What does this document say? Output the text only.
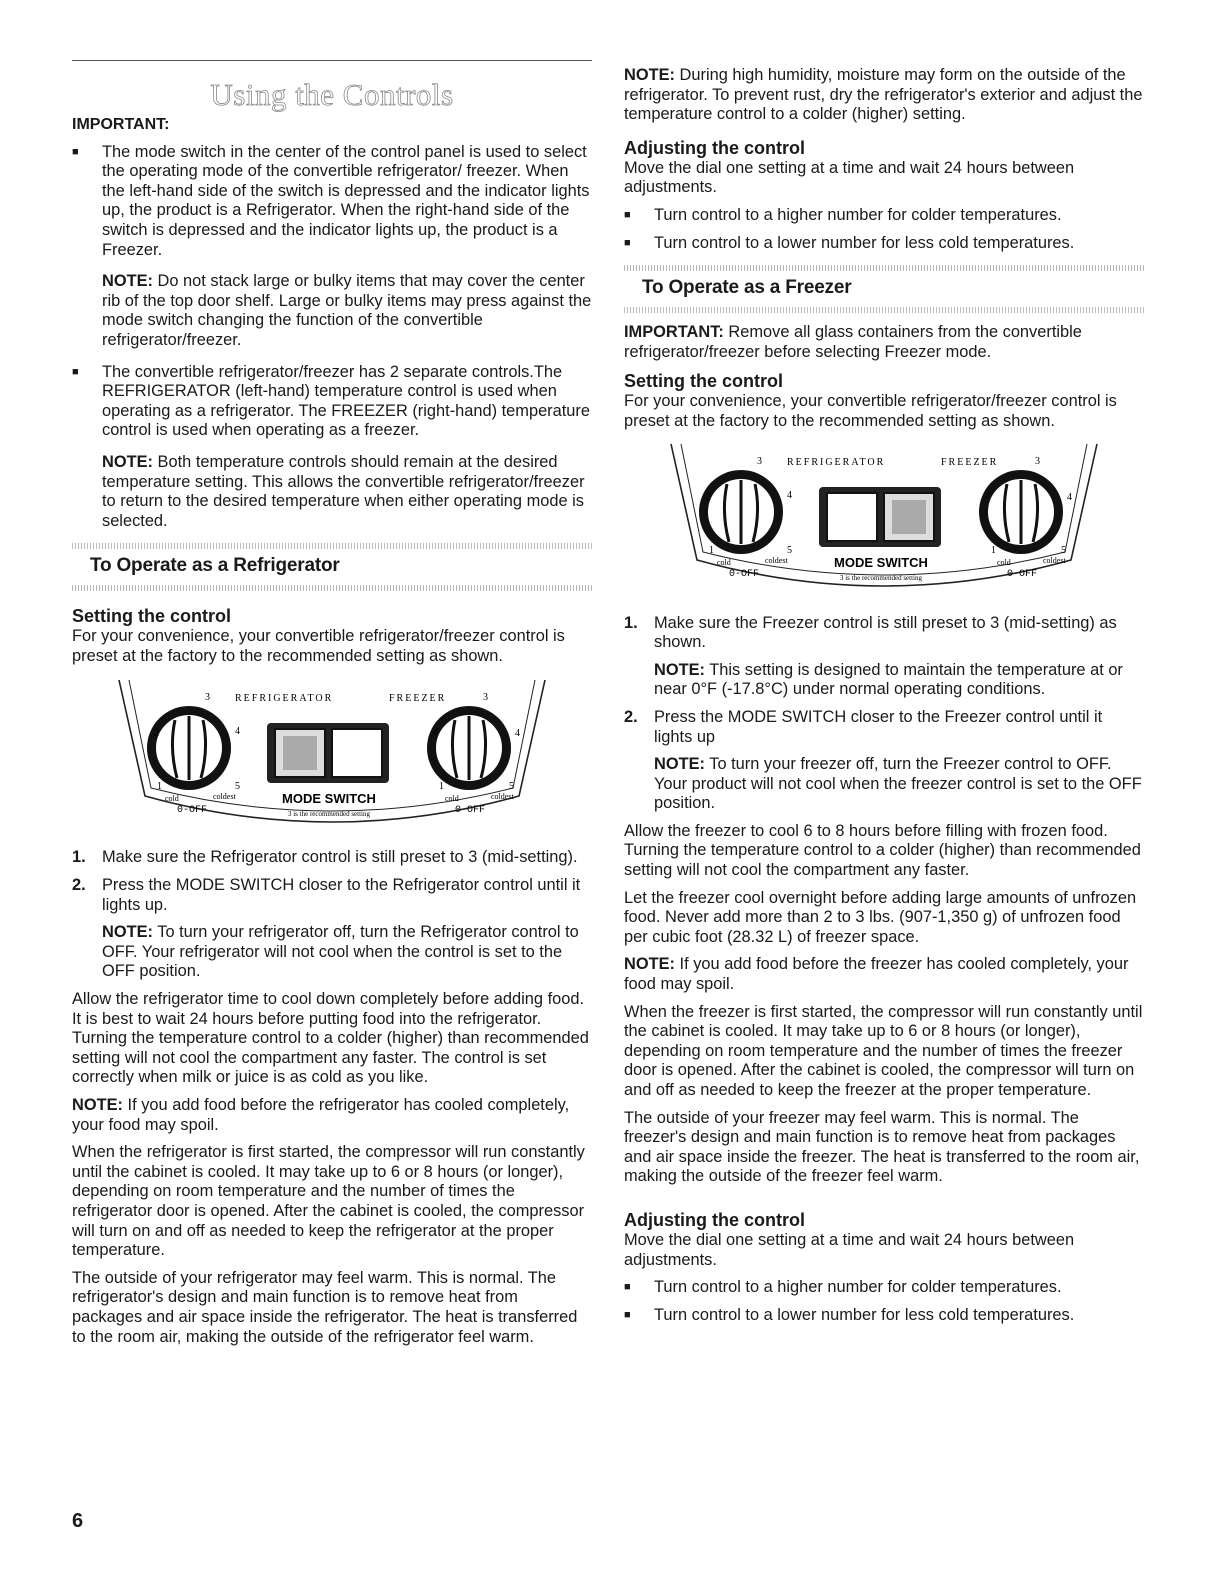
Using the Controls
IMPORTANT:

■ The mode switch in the center of the control panel is used to select the operating mode of the convertible refrigerator/ freezer. When the left-hand side of the switch is depressed and the indicator lights up, the product is a Refrigerator. When the right-hand side of the switch is depressed and the indicator lights up, the product is a Freezer.

NOTE: Do not stack large or bulky items that may cover the center rib of the top door shelf. Large or bulky items may press against the mode switch changing the function of the convertible refrigerator/freezer.

■ The convertible refrigerator/freezer has 2 separate controls.The REFRIGERATOR (left-hand) temperature control is used when operating as a refrigerator. The FREEZER (right-hand) temperature control is used when operating as a freezer.

NOTE: Both temperature controls should remain at the desired temperature setting. This allows the convertible refrigerator/freezer to return to the desired temperature when either operating mode is selected.

To Operate as a Refrigerator
Setting the control

For your convenience, your convertible refrigerator/freezer control is preset at the factory to the recommended setting as shown.

REFRIGERATOR	FREEZER
3
2	4
1	5
cold	coldest
0-OFF
3
2	4
1	5
cold	coldest
0-OFF
MODE SWITCH
3 is the recommended setting

1. Make sure the Refrigerator control is still preset to 3 (mid-setting).

2. Press the MODE SWITCH closer to the Refrigerator control until it lights up.

NOTE: To turn your refrigerator off, turn the Refrigerator control to OFF. Your refrigerator will not cool when the control is set to the OFF position.

Allow the refrigerator time to cool down completely before adding food. It is best to wait 24 hours before putting food into the refrigerator. Turning the temperature control to a colder (higher) than recommended setting will not cool the compartment any faster. The control is set correctly when milk or juice is as cold as you like.

NOTE: If you add food before the refrigerator has cooled completely, your food may spoil.

When the refrigerator is first started, the compressor will run constantly until the cabinet is cooled. It may take up to 6 or 8 hours (or longer), depending on room temperature and the number of times the refrigerator door is opened. After the cabinet is cooled, the compressor will turn on and off as needed to keep the refrigerator at the proper temperature.

The outside of your refrigerator may feel warm. This is normal. The refrigerator's design and main function is to remove heat from packages and air space inside the refrigerator. The heat is transferred to the room air, making the outside of the refrigerator feel warm.

NOTE: During high humidity, moisture may form on the outside of the refrigerator. To prevent rust, dry the refrigerator's exterior and adjust the temperature control to a colder (higher) setting.

Adjusting the control

Move the dial one setting at a time and wait 24 hours between adjustments.

■ Turn control to a higher number for colder temperatures.

■ Turn control to a lower number for less cold temperatures.

To Operate as a Freezer

IMPORTANT: Remove all glass containers from the convertible refrigerator/freezer before selecting Freezer mode.

Setting the control

For your convenience, your convertible refrigerator/freezer control is preset at the factory to the recommended setting as shown.

REFRIGERATOR	FREEZER
3
2	4
1	5
cold	coldest
0-OFF
3
2	4
1	5
cold	coldest
0-OFF
MODE SWITCH
3 is the recommended setting

1. Make sure the Freezer control is still preset to 3 (mid-setting) as shown.

NOTE: This setting is designed to maintain the temperature at or near 0°F (-17.8°C) under normal operating conditions.

2. Press the MODE SWITCH closer to the Freezer control until it lights up

NOTE: To turn your freezer off, turn the Freezer control to OFF. Your product will not cool when the freezer control is set to the OFF position.

Allow the freezer to cool 6 to 8 hours before filling with frozen food. Turning the temperature control to a colder (higher) than recommended setting will not cool the compartment any faster.

Let the freezer cool overnight before adding large amounts of unfrozen food. Never add more than 2 to 3 lbs. (907-1,350 g) of unfrozen food per cubic foot (28.32 L) of freezer space.

NOTE: If you add food before the freezer has cooled completely, your food may spoil.

When the freezer is first started, the compressor will run constantly until the cabinet is cooled. It may take up to 6 or 8 hours (or longer), depending on room temperature and the number of times the freezer door is opened. After the cabinet is cooled, the compressor will turn on and off as needed to keep the freezer at the proper temperature.

The outside of your freezer may feel warm. This is normal. The freezer's design and main function is to remove heat from packages and air space inside the freezer. The heat is transferred to the room air, making the outside of the freezer feel warm.

Adjusting the control

Move the dial one setting at a time and wait 24 hours between adjustments.

■ Turn control to a higher number for colder temperatures.

■ Turn control to a lower number for less cold temperatures.

6
